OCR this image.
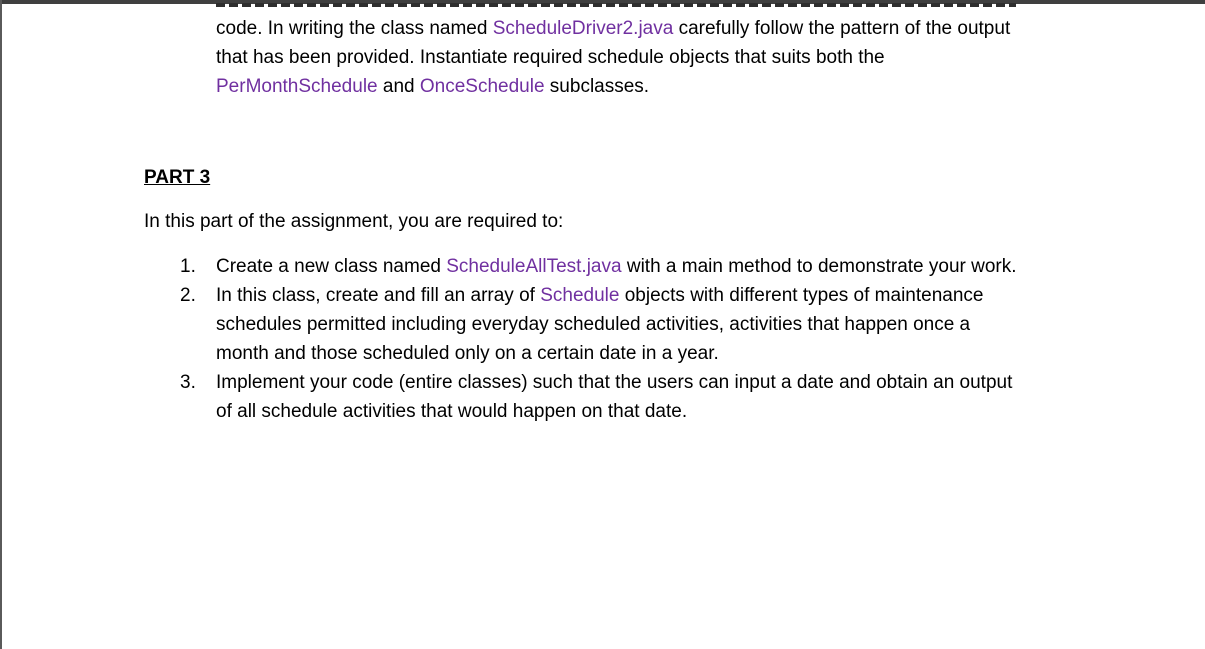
code. In writing the class named ScheduleDriver2.java carefully follow the pattern of the output
that has been provided. Instantiate required schedule objects that suits both the
PerMonthSchedule and OnceSchedule subclasses.
PART 3
In this part of the assignment, you are required to:
1. Create a new class named ScheduleAllTest.java with a main method to demonstrate your work.
2. In this class, create and fill an array of Schedule objects with different types of maintenance
schedules permitted including everyday scheduled activities, activities that happen once a
month and those scheduled only on a certain date in a year.
3. Implement your code (entire classes) such that the users can input a date and obtain an output
of all schedule activities that would happen on that date.
